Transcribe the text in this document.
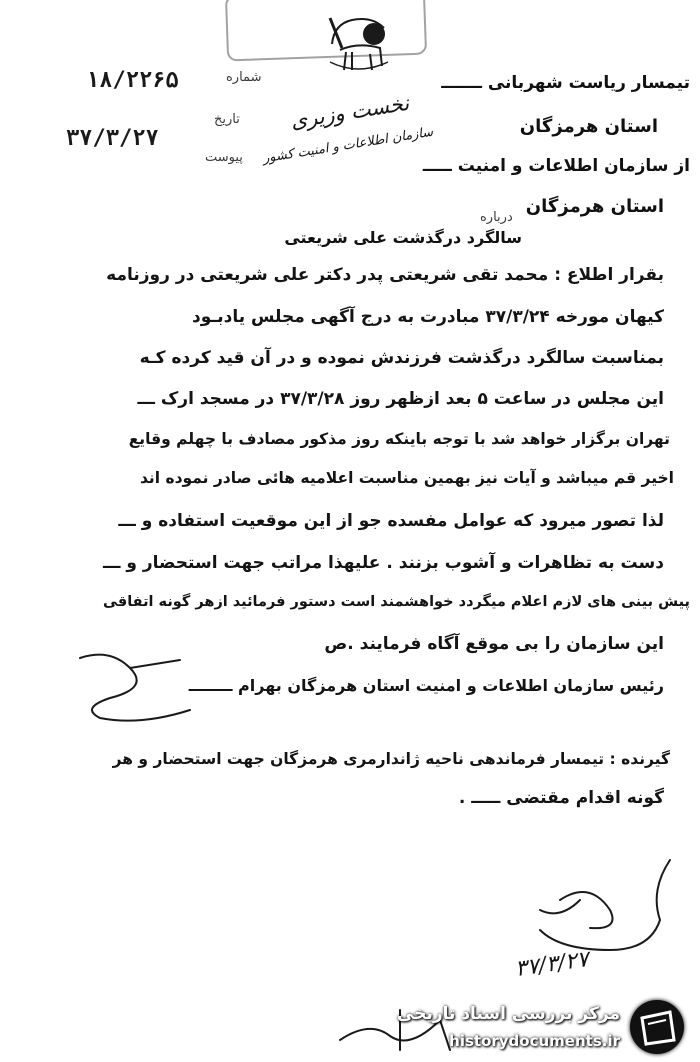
شماره
۱۸/۲۲۶۵
تاریخ
۳۷/۳/۲۷
پیوست
نخست وزیری
سازمان اطلاعات و امنیت کشور
تیمسار ریاست شهربانی ـــــــ
استان هرمزگان
از سازمان اطلاعات و امنیت ـــــ
استان هرمزگان
درباره
سالگرد درگذشت علی شریعتی
بقرار اطلاع : محمد تقی شریعتی پدر دکتر علی شریعتی در روزنامه
کیهان مورخه ۳۷/۳/۲۴ مبادرت به درج آگهی مجلس یادبـود
بمناسبت سالگرد درگذشت فرزندش نموده و در آن قید کرده کـه
این مجلس در ساعت ۵ بعد ازظهر روز ۳۷/۳/۲۸ در مسجد ارک ـــ
تهران برگزار خواهد شد با توجه باینکه روز مذکور مصادف با چهلم وقایع
اخیر قم میباشد و آیات نیز بهمین مناسبت اعلامیه هائی صادر نموده اند
لذا تصور میرود که عوامل مفسده جو از این موقعیت استفاده و ـــ
دست به تظاهرات و آشوب بزنند . علیهذا مراتب جهت استحضار و ـــ
پیش بینی های لازم اعلام میگردد خواهشمند است دستور فرمائید ازهر گونه اتفاقی
این سازمان را بی موقع آگاه فرمایند .ص
رئیس سازمان اطلاعات و امنیت استان هرمزگان بهرام ــــــــ
گیرنده : تیمسار فرماندهی ناحیه ژاندارمری هرمزگان جهت استحضار و هر
گونه اقدام مقتضی ـــــ .
۳۷/۳/۲۷
مرکز بررسی اسناد تاریخی
historydocuments.ir
